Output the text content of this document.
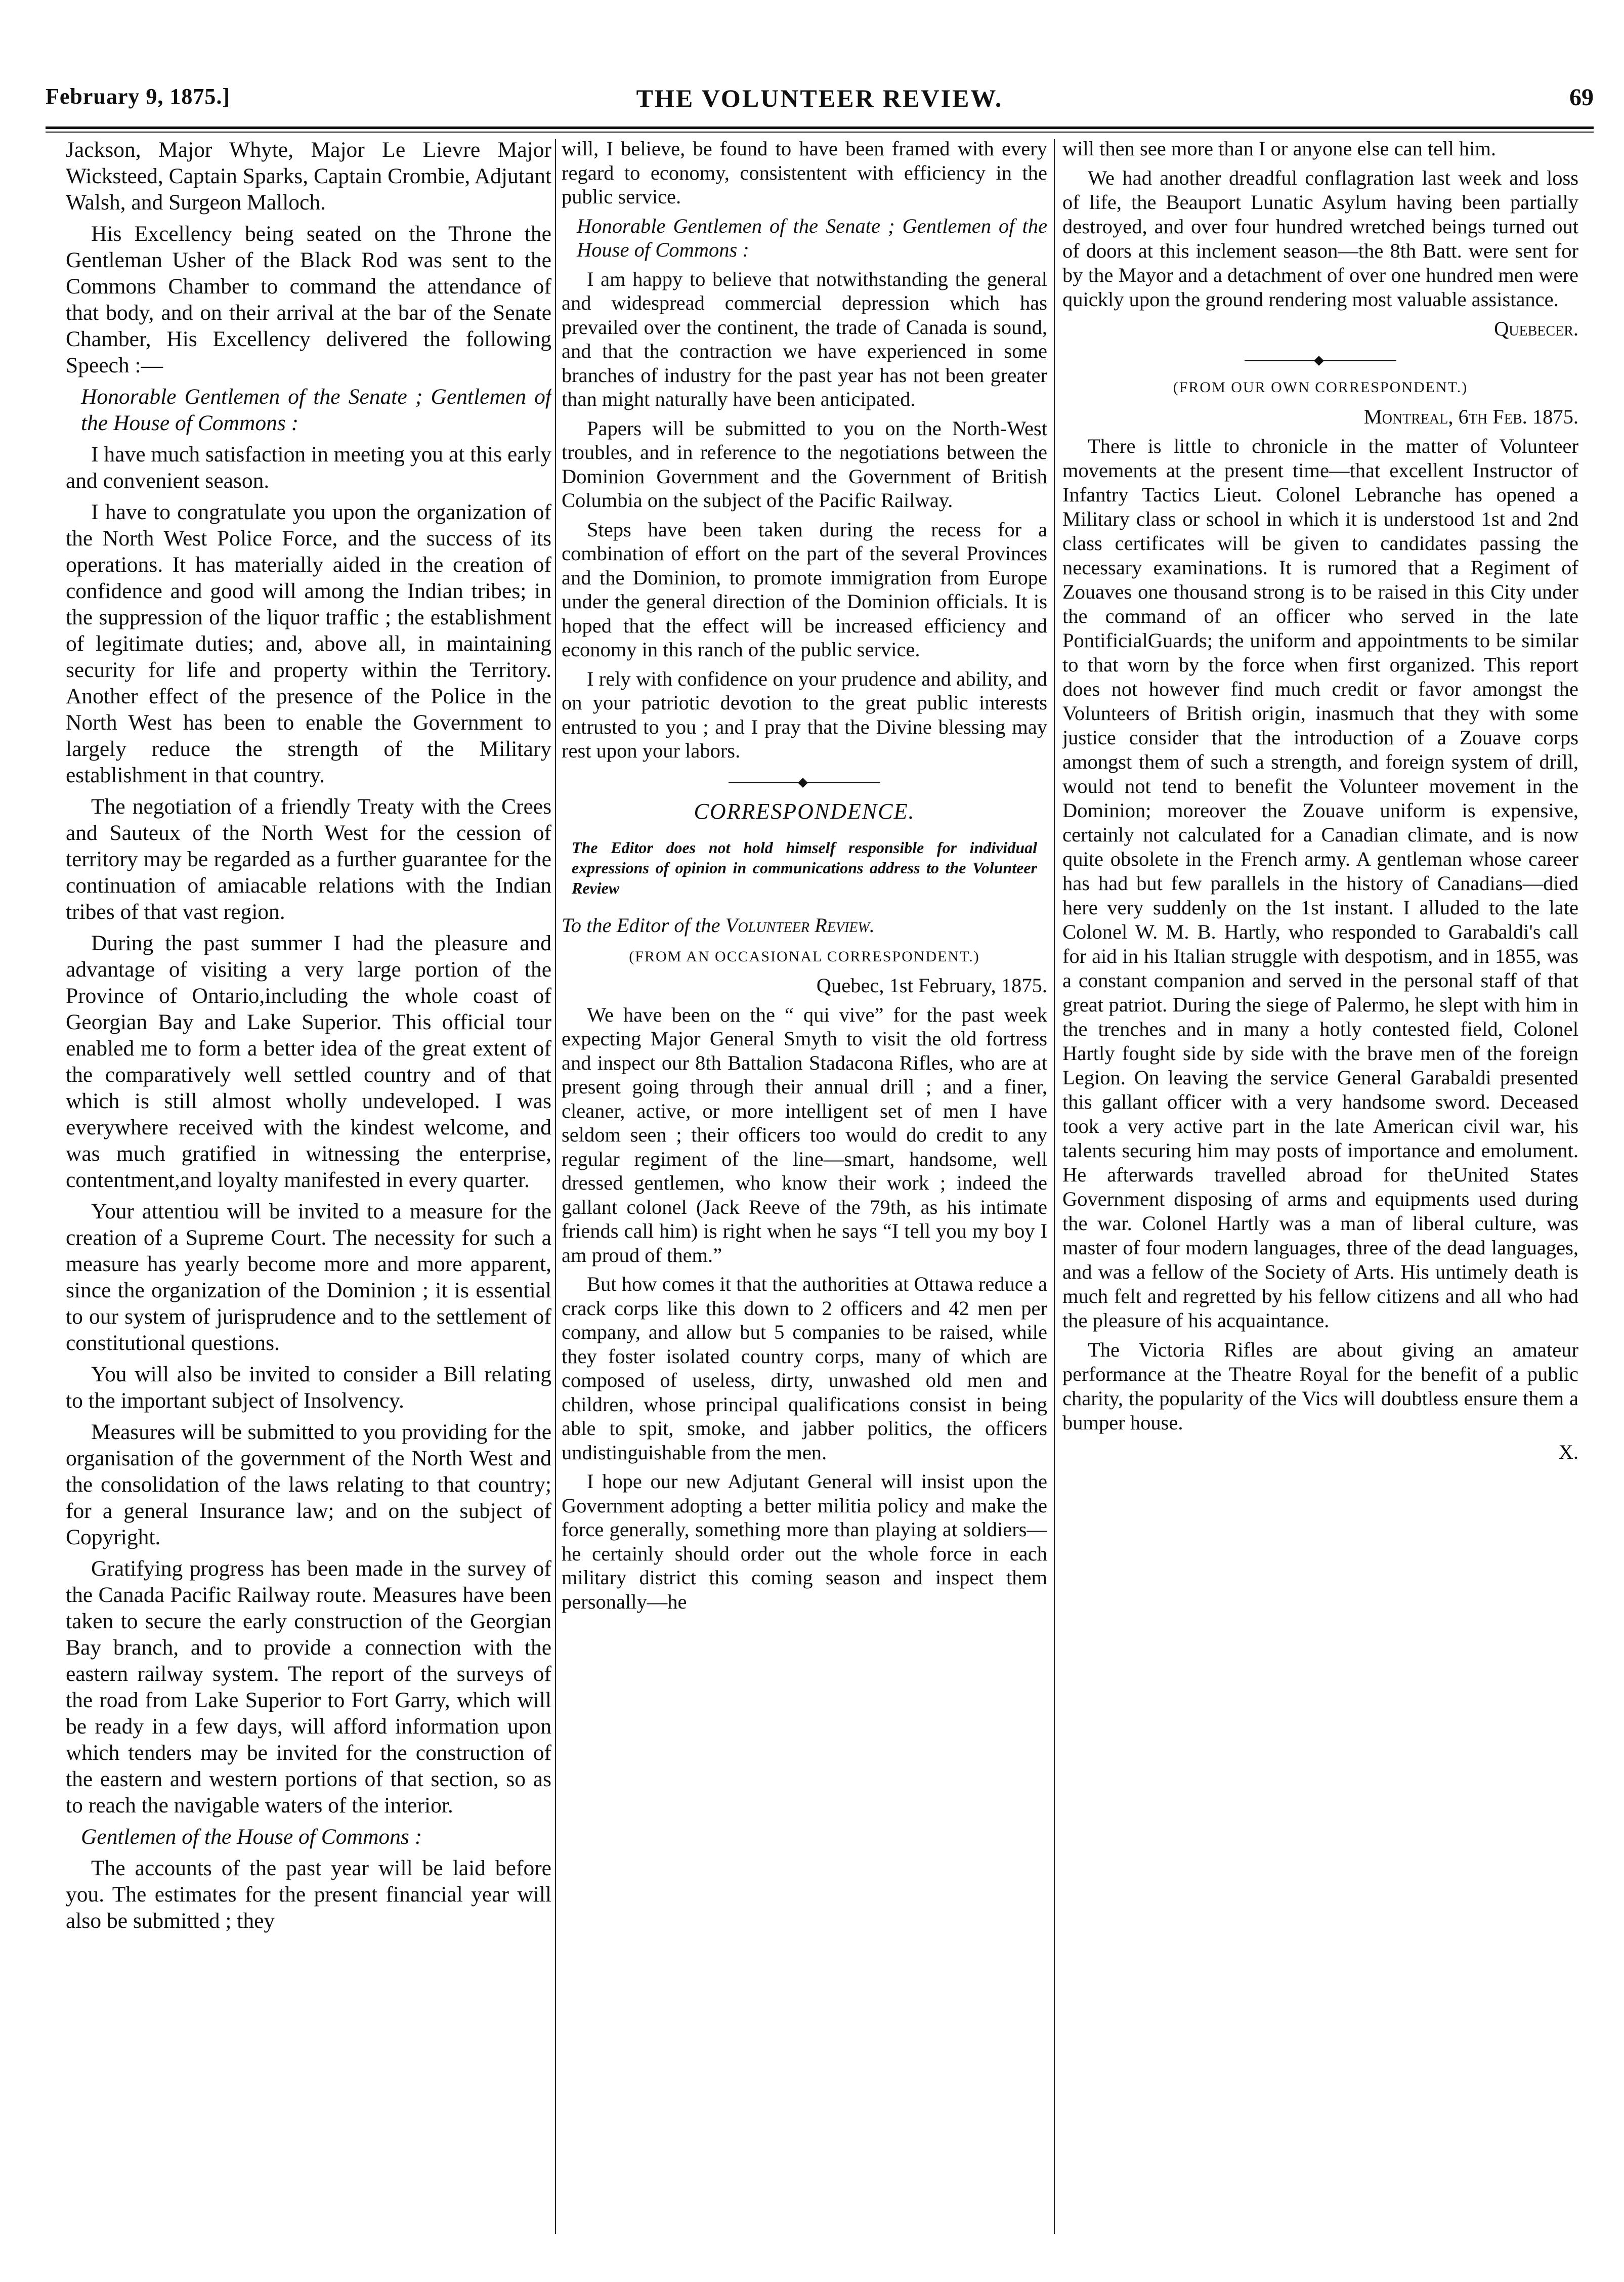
February 9, 1875.]	THE VOLUNTEER REVIEW.	69

Jackson, Major Whyte, Major Le Lievre Major Wicksteed, Captain Sparks, Captain Crombie, Adjutant Walsh, and Surgeon Malloch.

His Excellency being seated on the Throne the Gentleman Usher of the Black Rod was sent to the Commons Chamber to command the attendance of that body, and on their arrival at the bar of the Senate Chamber, His Excellency delivered the following Speech :—

Honorable Gentlemen of the Senate ; Gentlemen of the House of Commons :

I have much satisfaction in meeting you at this early and convenient season.

I have to congratulate you upon the organization of the North West Police Force, and the success of its operations. It has materially aided in the creation of confidence and good will among the Indian tribes; in the suppression of the liquor traffic ; the establishment of legitimate duties; and, above all, in maintaining security for life and property within the Territory. Another effect of the presence of the Police in the North West has been to enable the Government to largely reduce the strength of the Military establishment in that country.

The negotiation of a friendly Treaty with the Crees and Sauteux of the North West for the cession of territory may be regarded as a further guarantee for the continuation of amiacable relations with the Indian tribes of that vast region.

During the past summer I had the pleasure and advantage of visiting a very large portion of the Province of Ontario,including the whole coast of Georgian Bay and Lake Superior. This official tour enabled me to form a better idea of the great extent of the comparatively well settled country and of that which is still almost wholly undeveloped. I was everywhere received with the kindest welcome, and was much gratified in witnessing the enterprise, contentment,and loyalty manifested in every quarter.

Your attentiou will be invited to a measure for the creation of a Supreme Court. The necessity for such a measure has yearly become more and more apparent, since the organization of the Dominion ; it is essential to our system of jurisprudence and to the settlement of constitutional questions.

You will also be invited to consider a Bill relating to the important subject of Insolvency.

Measures will be submitted to you providing for the organisation of the government of the North West and the consolidation of the laws relating to that country; for a general Insurance law; and on the subject of Copyright.

Gratifying progress has been made in the survey of the Canada Pacific Railway route. Measures have been taken to secure the early construction of the Georgian Bay branch, and to provide a connection with the eastern railway system. The report of the surveys of the road from Lake Superior to Fort Garry, which will be ready in a few days, will afford information upon which tenders may be invited for the construction of the eastern and western portions of that section, so as to reach the navigable waters of the interior.

Gentlemen of the House of Commons :

The accounts of the past year will be laid before you. The estimates for the present financial year will also be submitted ; they

will, I believe, be found to have been framed with every regard to economy, consistentent with efficiency in the public service.

Honorable Gentlemen of the Senate ; Gentlemen of the House of Commons :

I am happy to believe that notwithstanding the general and widespread commercial depression which has prevailed over the continent, the trade of Canada is sound, and that the contraction we have experienced in some branches of industry for the past year has not been greater than might naturally have been anticipated.

Papers will be submitted to you on the North-West troubles, and in reference to the negotiations between the Dominion Government and the Government of British Columbia on the subject of the Pacific Railway.

Steps have been taken during the recess for a combination of effort on the part of the several Provinces and the Dominion, to promote immigration from Europe under the general direction of the Dominion officials. It is hoped that the effect will be increased efficiency and economy in this ranch of the public service.

I rely with confidence on your prudence and ability, and on your patriotic devotion to the great public interests entrusted to you ; and I pray that the Divine blessing may rest upon your labors.

CORRESPONDENCE.
The Editor does not hold himself responsible for individual expressions of opinion in communications address to the Volunteer Review
To the Editor of the Volunteer Review.
(FROM AN OCCASIONAL CORRESPONDENT.)
Quebec, 1st February, 1875.

We have been on the “ qui vive” for the past week expecting Major General Smyth to visit the old fortress and inspect our 8th Battalion Stadacona Rifles, who are at present going through their annual drill ; and a finer, cleaner, active, or more intelligent set of men I have seldom seen ; their officers too would do credit to any regular regiment of the line—smart, handsome, well dressed gentlemen, who know their work ; indeed the gallant colonel (Jack Reeve of the 79th, as his intimate friends call him) is right when he says “I tell you my boy I am proud of them.”

But how comes it that the authorities at Ottawa reduce a crack corps like this down to 2 officers and 42 men per company, and allow but 5 companies to be raised, while they foster isolated country corps, many of which are composed of useless, dirty, unwashed old men and children, whose principal qualifications consist in being able to spit, smoke, and jabber politics, the officers undistinguishable from the men.

I hope our new Adjutant General will insist upon the Government adopting a better militia policy and make the force generally, something more than playing at soldiers—he certainly should order out the whole force in each military district this coming season and inspect them personally—he

will then see more than I or anyone else can tell him.

We had another dreadful conflagration last week and loss of life, the Beauport Lunatic Asylum having been partially destroyed, and over four hundred wretched beings turned out of doors at this inclement season—the 8th Batt. were sent for by the Mayor and a detachment of over one hundred men were quickly upon the ground rendering most valuable assistance.

Quebecer.
(FROM OUR OWN CORRESPONDENT.)
Montreal, 6th Feb. 1875.

There is little to chronicle in the matter of Volunteer movements at the present time—that excellent Instructor of Infantry Tactics Lieut. Colonel Lebranche has opened a Military class or school in which it is understood 1st and 2nd class certificates will be given to candidates passing the necessary examinations. It is rumored that a Regiment of Zouaves one thousand strong is to be raised in this City under the command of an officer who served in the late PontificialGuards; the uniform and appointments to be similar to that worn by the force when first organized. This report does not however find much credit or favor amongst the Volunteers of British origin, inasmuch that they with some justice consider that the introduction of a Zouave corps amongst them of such a strength, and foreign system of drill, would not tend to benefit the Volunteer movement in the Dominion; moreover the Zouave uniform is expensive, certainly not calculated for a Canadian climate, and is now quite obsolete in the French army. A gentleman whose career has had but few parallels in the history of Canadians—died here very suddenly on the 1st instant. I alluded to the late Colonel W. M. B. Hartly, who responded to Garabaldi's call for aid in his Italian struggle with despotism, and in 1855, was a constant companion and served in the personal staff of that great patriot. During the siege of Palermo, he slept with him in the trenches and in many a hotly contested field, Colonel Hartly fought side by side with the brave men of the foreign Legion. On leaving the service General Garabaldi presented this gallant officer with a very handsome sword. Deceased took a very active part in the late American civil war, his talents securing him may posts of importance and emolument. He afterwards travelled abroad for theUnited States Government disposing of arms and equipments used during the war. Colonel Hartly was a man of liberal culture, was master of four modern languages, three of the dead languages, and was a fellow of the Society of Arts. His untimely death is much felt and regretted by his fellow citizens and all who had the pleasure of his acquaintance.

The Victoria Rifles are about giving an amateur performance at the Theatre Royal for the benefit of a public charity, the popularity of the Vics will doubtless ensure them a bumper house.

X.
